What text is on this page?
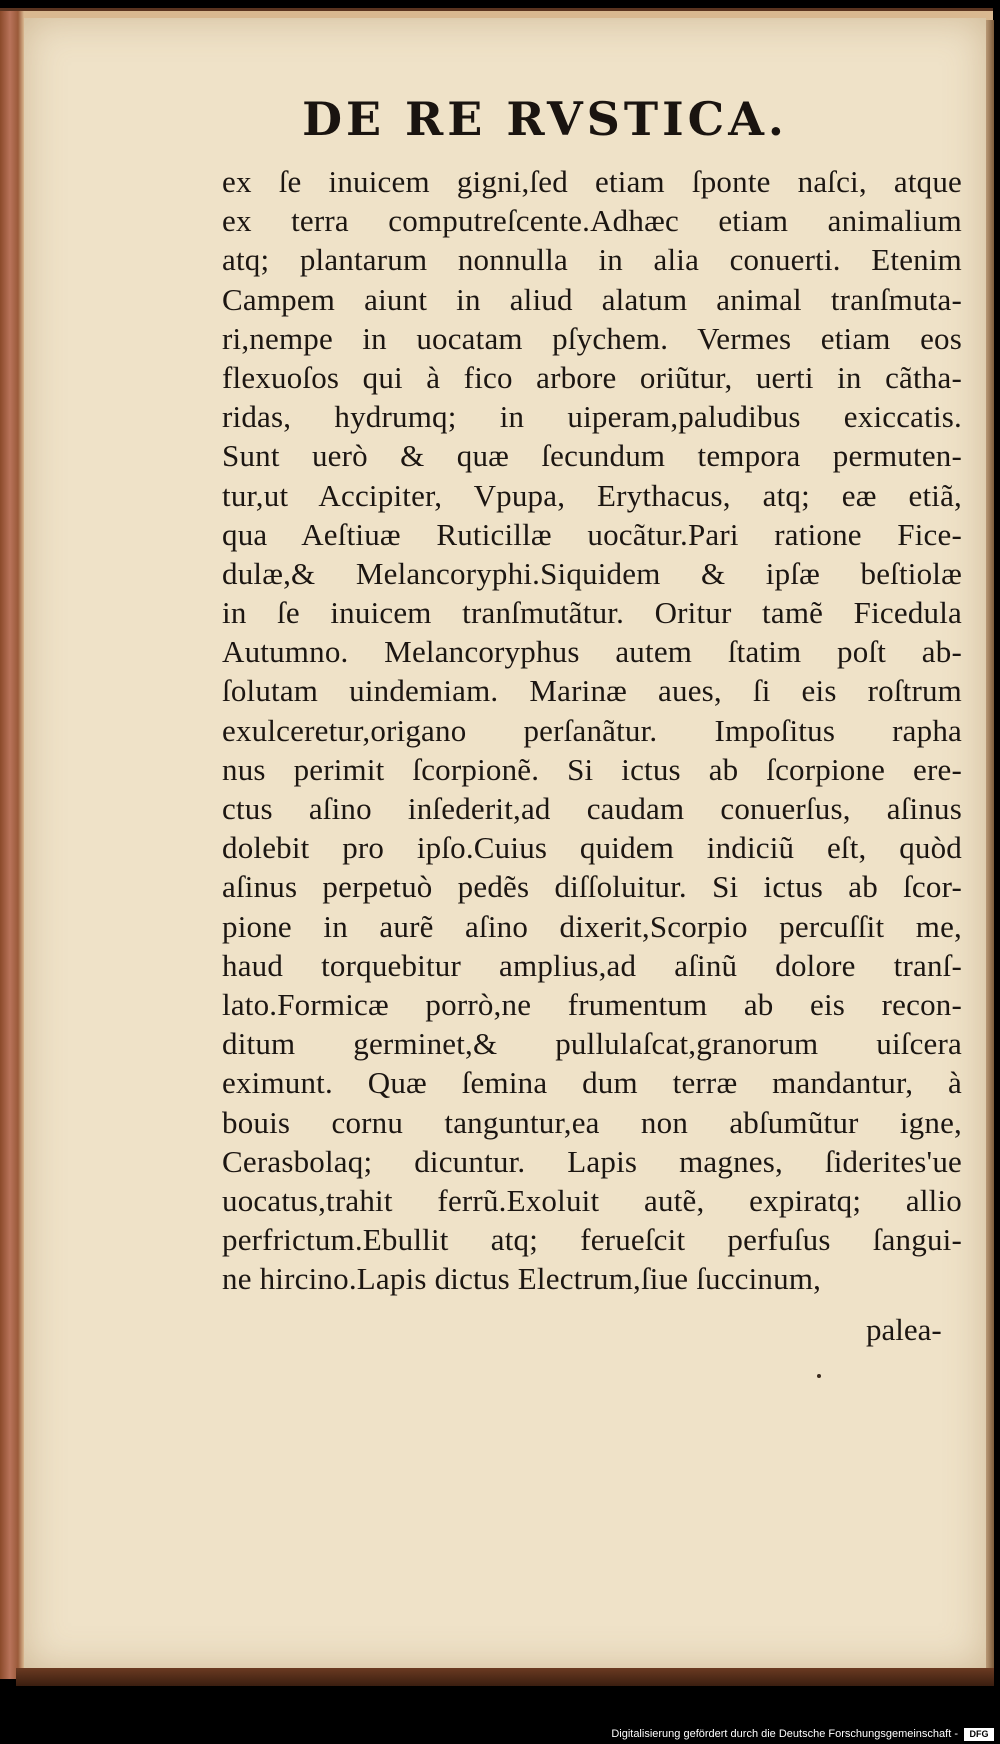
DE RE RVSTICA.
ex ſe inuicem gigni,ſed etiam ſponte naſci, atque
ex terra computreſcente.Adhæc etiam animalium
atq; plantarum nonnulla in alia conuerti. Etenim
Campem aiunt in aliud alatum animal tranſmuta-
ri,nempe in uocatam pſychem. Vermes etiam eos
flexuoſos qui à fico arbore oriũtur, uerti in cãtha-
ridas, hydrumq; in uiperam,paludibus exiccatis.
Sunt uerò & quæ ſecundum tempora permuten-
tur,ut Accipiter, Vpupa, Erythacus, atq; eæ etiã,
qua Aeſtiuæ Ruticillæ uocãtur.Pari ratione Fice-
dulæ,& Melancoryphi.Siquidem & ipſæ beſtiolæ
in ſe inuicem tranſmutãtur. Oritur tamẽ Ficedula
Autumno. Melancoryphus autem ſtatim poſt ab-
ſolutam uindemiam. Marinæ aues, ſi eis roſtrum
exulceretur,origano perſanãtur. Impoſitus rapha
nus perimit ſcorpionẽ. Si ictus ab ſcorpione ere-
ctus aſino inſederit,ad caudam conuerſus, aſinus
dolebit pro ipſo.Cuius quidem indiciũ eſt, quòd
aſinus perpetuò pedẽs diſſoluitur. Si ictus ab ſcor-
pione in aurẽ aſino dixerit,Scorpio percuſſit me,
haud torquebitur amplius,ad aſinũ dolore tranſ-
lato.Formicæ porrò,ne frumentum ab eis recon-
ditum germinet,& pullulaſcat,granorum uiſcera
eximunt. Quæ ſemina dum terræ mandantur, à
bouis cornu tanguntur,ea non abſumũtur igne,
Cerasbolaq; dicuntur. Lapis magnes, ſiderites'ue
uocatus,trahit ferrũ.Exoluit autẽ, expiratq; allio
perfrictum.Ebullit atq; ferueſcit perfuſus ſangui-
ne hircino.Lapis dictus Electrum,ſiue ſuccinum,
palea-
Digitalisierung gefördert durch die Deutsche Forschungsgemeinschaft -	DFG
